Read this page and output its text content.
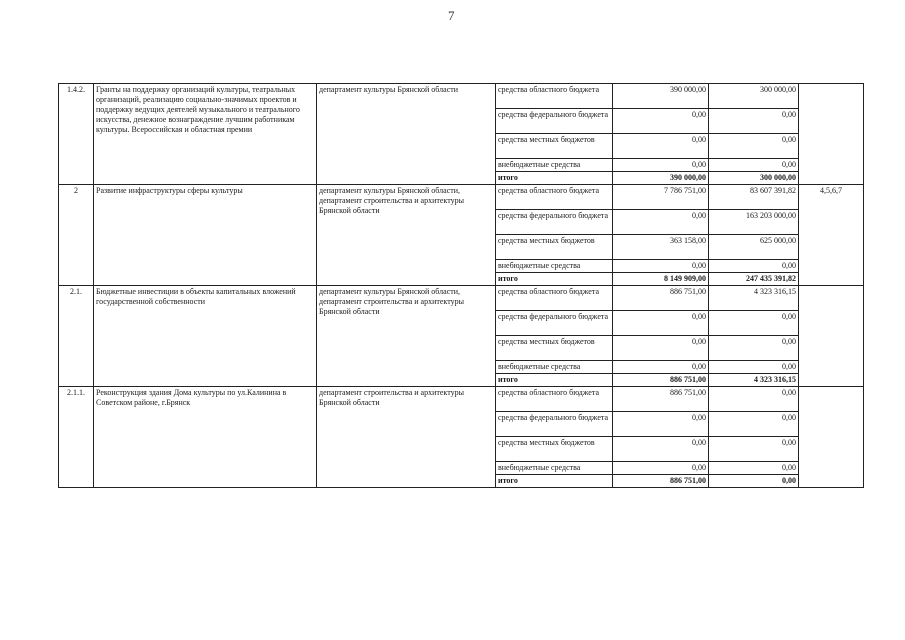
7
1.4.2.	Гранты на поддержку организаций культуры, театральных организаций, реализацию социально-значимых проектов и поддержку ведущих деятелей музыкального и театрального искусства, денежное вознаграждение лучшим работникам культуры. Всероссийская и областная премии	департамент культуры Брянской области	средства областного бюджета	390 000,00	300 000,00	
			средства федерального бюджета	0,00	0,00	
			средства местных бюджетов	0,00	0,00	
			внебюджетные средства	0,00	0,00	
			итого	390 000,00	300 000,00	
2	Развитие инфраструктуры сферы культуры	департамент культуры Брянской области, департамент строительства и архитектуры Брянской области	средства областного бюджета	7 786 751,00	83 607 391,82	4,5,6,7
			средства федерального бюджета	0,00	163 203 000,00	
			средства местных бюджетов	363 158,00	625 000,00	
			внебюджетные средства	0,00	0,00	
			итого	8 149 909,00	247 435 391,82	
2.1.	Бюджетные инвестиции в объекты капитальных вложений государственной собственности	департамент культуры Брянской области, департамент строительства и архитектуры Брянской области	средства областного бюджета	886 751,00	4 323 316,15	
			средства федерального бюджета	0,00	0,00	
			средства местных бюджетов	0,00	0,00	
			внебюджетные средства	0,00	0,00	
			итого	886 751,00	4 323 316,15	
2.1.1.	Реконструкция здания Дома культуры по ул.Калинина в Советском районе, г.Брянск	департамент строительства и архитектуры Брянской области	средства областного бюджета	886 751,00	0,00	
			средства федерального бюджета	0,00	0,00	
			средства местных бюджетов	0,00	0,00	
			внебюджетные средства	0,00	0,00	
			итого	886 751,00	0,00	
